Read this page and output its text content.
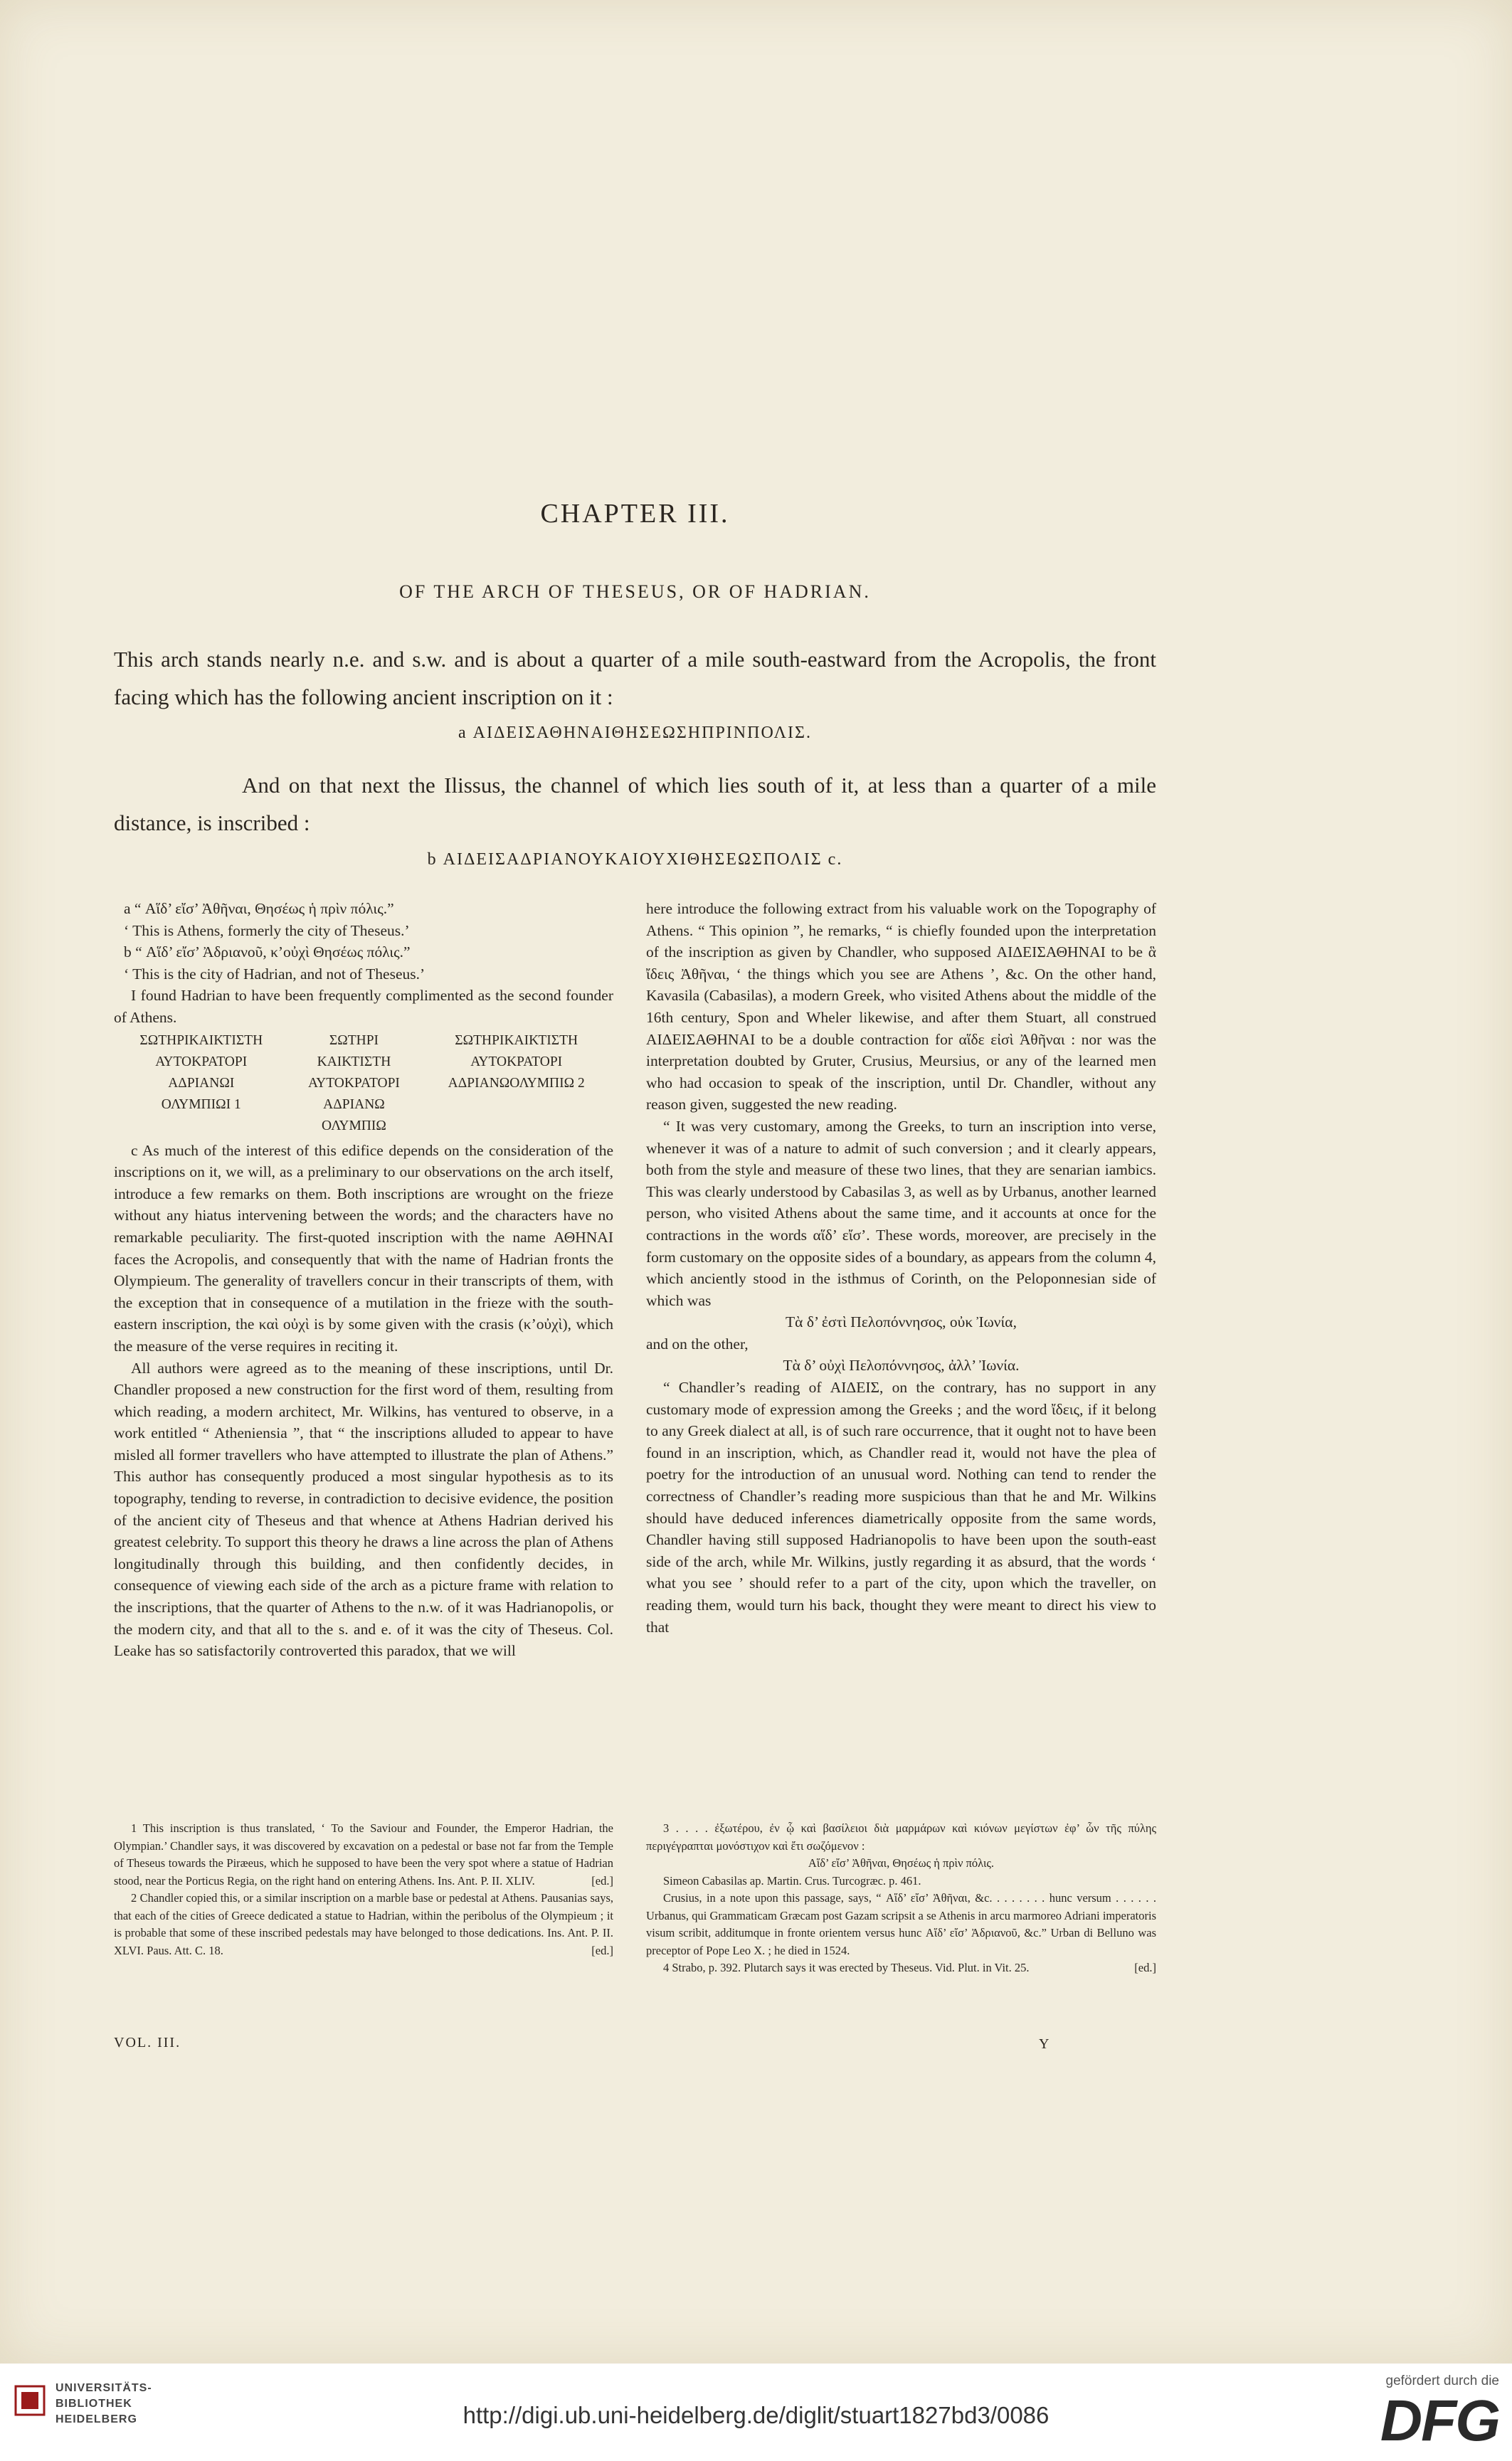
CHAPTER III.
OF THE ARCH OF THESEUS, OR OF HADRIAN.
This arch stands nearly n.e. and s.w. and is about a quarter of a mile south-eastward from the Acropolis, the front facing which has the following ancient inscription on it :
a ΑΙΔΕΙΣΑΘΗΝΑΙΘΗΣΕΩΣΗΠΡΙΝΠΟΛΙΣ.
And on that next the Ilissus, the channel of which lies south of it, at less than a quarter of a mile distance, is inscribed :
b ΑΙΔΕΙΣΑΔΡΙΑΝΟΥΚΑΙΟΥΧΙΘΗΣΕΩΣΠΟΛΙΣ c.

a “ Αἵδ’ εἴσ’ Ἀθῆναι, Θησέως ἡ πρὶν πόλις.”

‘ This is Athens, formerly the city of Theseus.’

b “ Αἵδ’ εἴσ’ Ἀδριανοῦ, κ’οὐχὶ Θησέως πόλις.”

‘ This is the city of Hadrian, and not of Theseus.’

I found Hadrian to have been frequently complimented as the second founder of Athens.

ΣΩΤΗΡΙΚΑΙΚΤΙΣΤΗ	ΣΩΤΗΡΙ	ΣΩΤΗΡΙΚΑΙΚΤΙΣΤΗ
ΑΥΤΟΚΡΑΤΟΡΙ	ΚΑΙΚΤΙΣΤΗ	ΑΥΤΟΚΡΑΤΟΡΙ
ΑΔΡΙΑΝΩΙ	ΑΥΤΟΚΡΑΤΟΡΙ	ΑΔΡΙΑΝΩΟΛΥΜΠΙΩ 2
ΟΛΥΜΠΙΩΙ 1	ΑΔΡΙΑΝΩ	
	ΟΛΥΜΠΙΩ	

c As much of the interest of this edifice depends on the consideration of the inscriptions on it, we will, as a preliminary to our observations on the arch itself, introduce a few remarks on them. Both inscriptions are wrought on the frieze without any hiatus intervening between the words; and the characters have no remarkable peculiarity. The first-quoted inscription with the name ΑΘΗΝΑΙ faces the Acropolis, and consequently that with the name of Hadrian fronts the Olympieum. The generality of travellers concur in their transcripts of them, with the exception that in consequence of a mutilation in the frieze with the south-eastern inscription, the καὶ οὐχὶ is by some given with the crasis (κ’οὐχὶ), which the measure of the verse requires in reciting it.

All authors were agreed as to the meaning of these inscriptions, until Dr. Chandler proposed a new construction for the first word of them, resulting from which reading, a modern architect, Mr. Wilkins, has ventured to observe, in a work entitled “ Atheniensia ”, that “ the inscriptions alluded to appear to have misled all former travellers who have attempted to illustrate the plan of Athens.” This author has consequently produced a most singular hypothesis as to its topography, tending to reverse, in contradiction to decisive evidence, the position of the ancient city of Theseus and that whence at Athens Hadrian derived his greatest celebrity. To support this theory he draws a line across the plan of Athens longitudinally through this building, and then confidently decides, in consequence of viewing each side of the arch as a picture frame with relation to the inscriptions, that the quarter of Athens to the n.w. of it was Hadrianopolis, or the modern city, and that all to the s. and e. of it was the city of Theseus. Col. Leake has so satisfactorily controverted this paradox, that we will

1 This inscription is thus translated, ‘ To the Saviour and Founder, the Emperor Hadrian, the Olympian.’ Chandler says, it was discovered by excavation on a pedestal or base not far from the Temple of Theseus towards the Piræeus, which he supposed to have been the very spot where a statue of Hadrian stood, near the Porticus Regia, on the right hand on entering Athens. Ins. Ant. P. II. XLIV.	[ed.]

2 Chandler copied this, or a similar inscription on a marble base or pedestal at Athens. Pausanias says, that each of the cities of Greece dedicated a statue to Hadrian, within the peribolus of the Olympieum ; it is probable that some of these inscribed pedestals may have belonged to those dedications. Ins. Ant. P. II. XLVI. Paus. Att. C. 18.	[ed.]

VOL. III.

here introduce the following extract from his valuable work on the Topography of Athens. “ This opinion ”, he remarks, “ is chiefly founded upon the interpretation of the inscription as given by Chandler, who supposed ΑΙΔΕΙΣΑΘΗΝΑΙ to be ἃ ἴδεις Ἀθῆναι, ‘ the things which you see are Athens ’, &c. On the other hand, Kavasila (Cabasilas), a modern Greek, who visited Athens about the middle of the 16th century, Spon and Wheler likewise, and after them Stuart, all construed ΑΙΔΕΙΣΑΘΗΝΑΙ to be a double contraction for αἵδε εἰσὶ Ἀθῆναι : nor was the interpretation doubted by Gruter, Crusius, Meursius, or any of the learned men who had occasion to speak of the inscription, until Dr. Chandler, without any reason given, suggested the new reading.

“ It was very customary, among the Greeks, to turn an inscription into verse, whenever it was of a nature to admit of such conversion ; and it clearly appears, both from the style and measure of these two lines, that they are senarian iambics. This was clearly understood by Cabasilas 3, as well as by Urbanus, another learned person, who visited Athens about the same time, and it accounts at once for the contractions in the words αἵδ’ εἴσ’. These words, moreover, are precisely in the form customary on the opposite sides of a boundary, as appears from the column 4, which anciently stood in the isthmus of Corinth, on the Peloponnesian side of which was

Τὰ δ’ ἐστὶ Πελοπόννησος, οὐκ Ἰωνία,

and on the other,

Τὰ δ’ οὐχὶ Πελοπόννησος, ἀλλ’ Ἰωνία.

“ Chandler’s reading of ΑΙΔΕΙΣ, on the contrary, has no support in any customary mode of expression among the Greeks ; and the word ἴδεις, if it belong to any Greek dialect at all, is of such rare occurrence, that it ought not to have been found in an inscription, which, as Chandler read it, would not have the plea of poetry for the introduction of an unusual word. Nothing can tend to render the correctness of Chandler’s reading more suspicious than that he and Mr. Wilkins should have deduced inferences diametrically opposite from the same words, Chandler having still supposed Hadrianopolis to have been upon the south-east side of the arch, while Mr. Wilkins, justly regarding it as absurd, that the words ‘ what you see ’ should refer to a part of the city, upon which the traveller, on reading them, would turn his back, thought they were meant to direct his view to that

3 . . . . ἐξωτέρου, ἐν ᾧ καὶ βασίλειοι διὰ μαρμάρων καὶ κιόνων μεγίστων ἐφ’ ὧν τῆς πύλης περιγέγραπται μονόστιχον καὶ ἔτι σωζόμενον :

Αἵδ’ εἴσ’ Ἀθῆναι, Θησέως ἡ πρὶν πόλις.

Simeon Cabasilas ap. Martin. Crus. Turcogræc. p. 461.

Crusius, in a note upon this passage, says, “ Αἵδ’ εἴσ’ Ἀθῆναι, &c. . . . . . . . hunc versum . . . . . . Urbanus, qui Grammaticam Græcam post Gazam scripsit a se Athenis in arcu marmoreo Adriani imperatoris visum scribit, additumque in fronte orientem versus hunc Αἵδ’ εἴσ’ Ἀδριανοῦ, &c.” Urban di Belluno was preceptor of Pope Leo X. ; he died in 1524.

4 Strabo, p. 392. Plutarch says it was erected by Theseus. Vid. Plut. in Vit. 25.	[ed.]

Y
UNIVERSITÄTS-
BIBLIOTHEK
HEIDELBERG	http://digi.ub.uni-heidelberg.de/diglit/stuart1827bd3/0086
gefördert durch die
DFG
